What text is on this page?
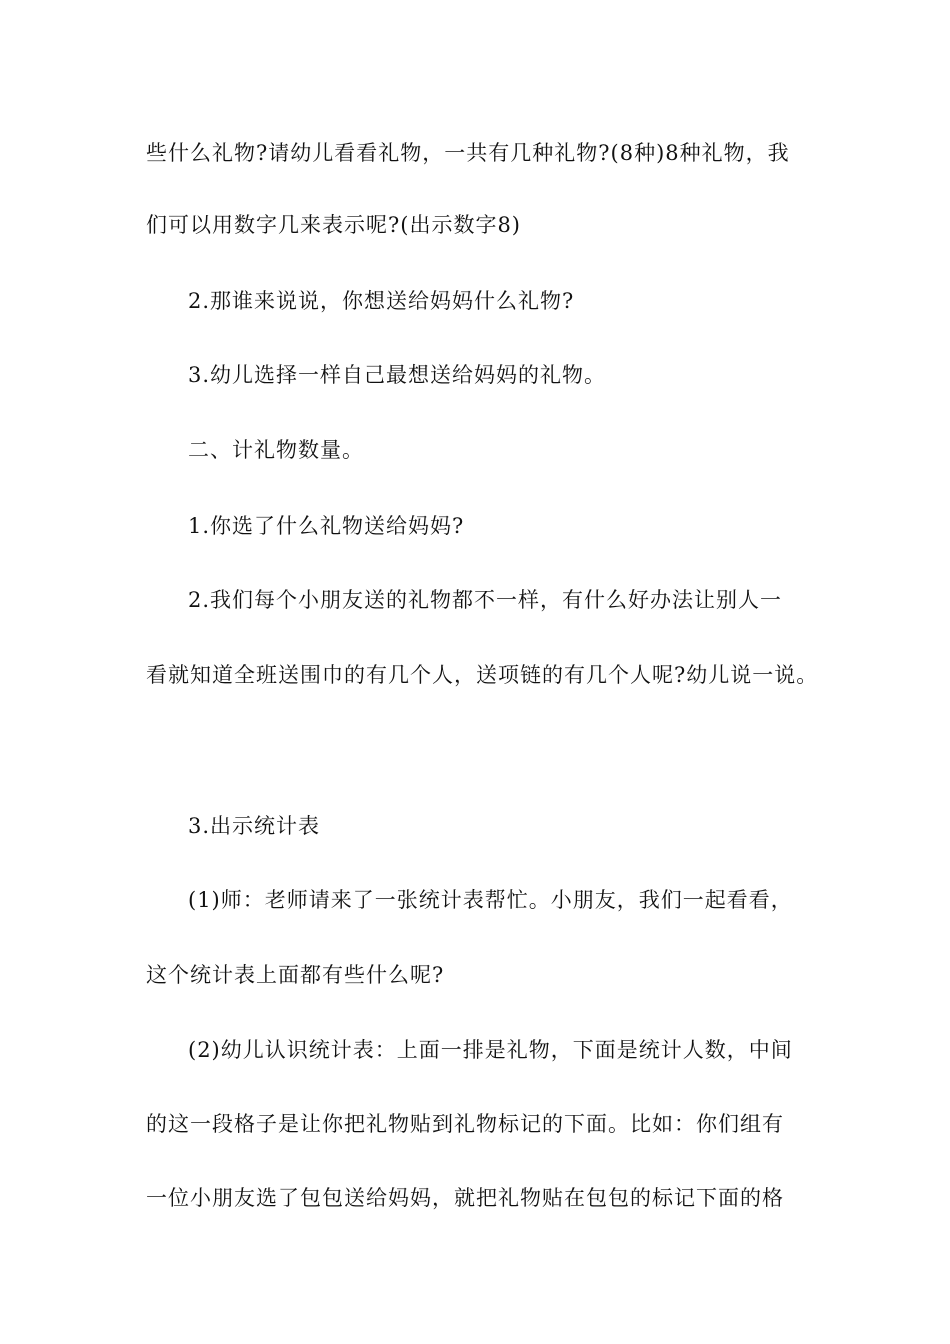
些什么礼物?请幼儿看看礼物，一共有几种礼物?(8种)8种礼物，我
们可以用数字几来表示呢?(出示数字8)
2.那谁来说说，你想送给妈妈什么礼物?
3.幼儿选择一样自己最想送给妈妈的礼物。
二、计礼物数量。
1.你选了什么礼物送给妈妈?
2.我们每个小朋友送的礼物都不一样，有什么好办法让别人一
看就知道全班送围巾的有几个人，送项链的有几个人呢?幼儿说一说。
3.出示统计表
(1)师：老师请来了一张统计表帮忙。小朋友，我们一起看看，
这个统计表上面都有些什么呢?
(2)幼儿认识统计表：上面一排是礼物，下面是统计人数，中间
的这一段格子是让你把礼物贴到礼物标记的下面。比如：你们组有
一位小朋友选了包包送给妈妈，就把礼物贴在包包的标记下面的格
